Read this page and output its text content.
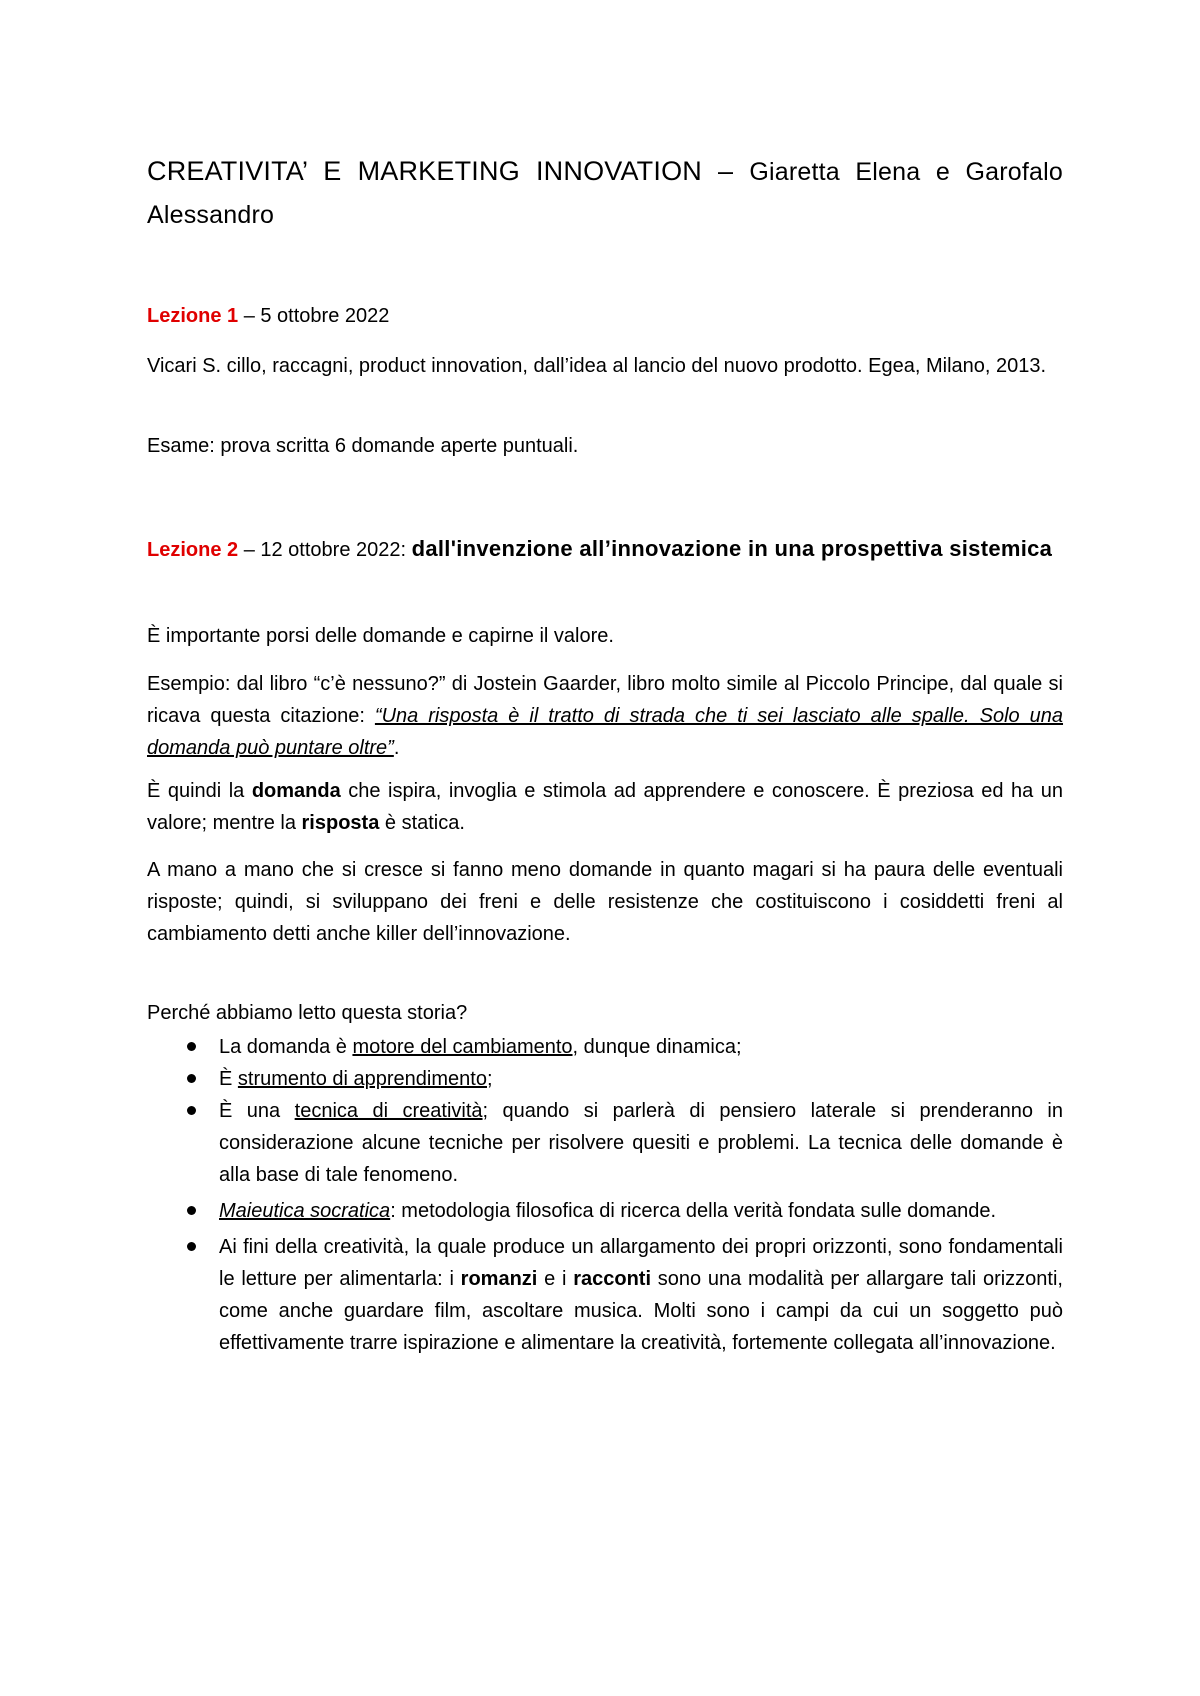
CREATIVITA’ E MARKETING INNOVATION – Giaretta Elena e Garofalo Alessandro
Lezione 1 – 5 ottobre 2022
Vicari S. cillo, raccagni, product innovation, dall’idea al lancio del nuovo prodotto. Egea, Milano, 2013.
Esame: prova scritta 6 domande aperte puntuali.
Lezione 2 – 12 ottobre 2022: dall'invenzione all’innovazione in una prospettiva sistemica
È importante porsi delle domande e capirne il valore.
Esempio: dal libro “c’è nessuno?” di Jostein Gaarder, libro molto simile al Piccolo Principe, dal quale si ricava questa citazione: “Una risposta è il tratto di strada che ti sei lasciato alle spalle. Solo una domanda può puntare oltre”.
È quindi la domanda che ispira, invoglia e stimola ad apprendere e conoscere. È preziosa ed ha un valore; mentre la risposta è statica.
A mano a mano che si cresce si fanno meno domande in quanto magari si ha paura delle eventuali risposte; quindi, si sviluppano dei freni e delle resistenze che costituiscono i cosiddetti freni al cambiamento detti anche killer dell’innovazione.
Perché abbiamo letto questa storia?
La domanda è motore del cambiamento, dunque dinamica;
È strumento di apprendimento;
È una tecnica di creatività; quando si parlerà di pensiero laterale si prenderanno in considerazione alcune tecniche per risolvere quesiti e problemi. La tecnica delle domande è alla base di tale fenomeno.
Maieutica socratica: metodologia filosofica di ricerca della verità fondata sulle domande.
Ai fini della creatività, la quale produce un allargamento dei propri orizzonti, sono fondamentali le letture per alimentarla: i romanzi e i racconti sono una modalità per allargare tali orizzonti, come anche guardare film, ascoltare musica. Molti sono i campi da cui un soggetto può effettivamente trarre ispirazione e alimentare la creatività, fortemente collegata all’innovazione.
